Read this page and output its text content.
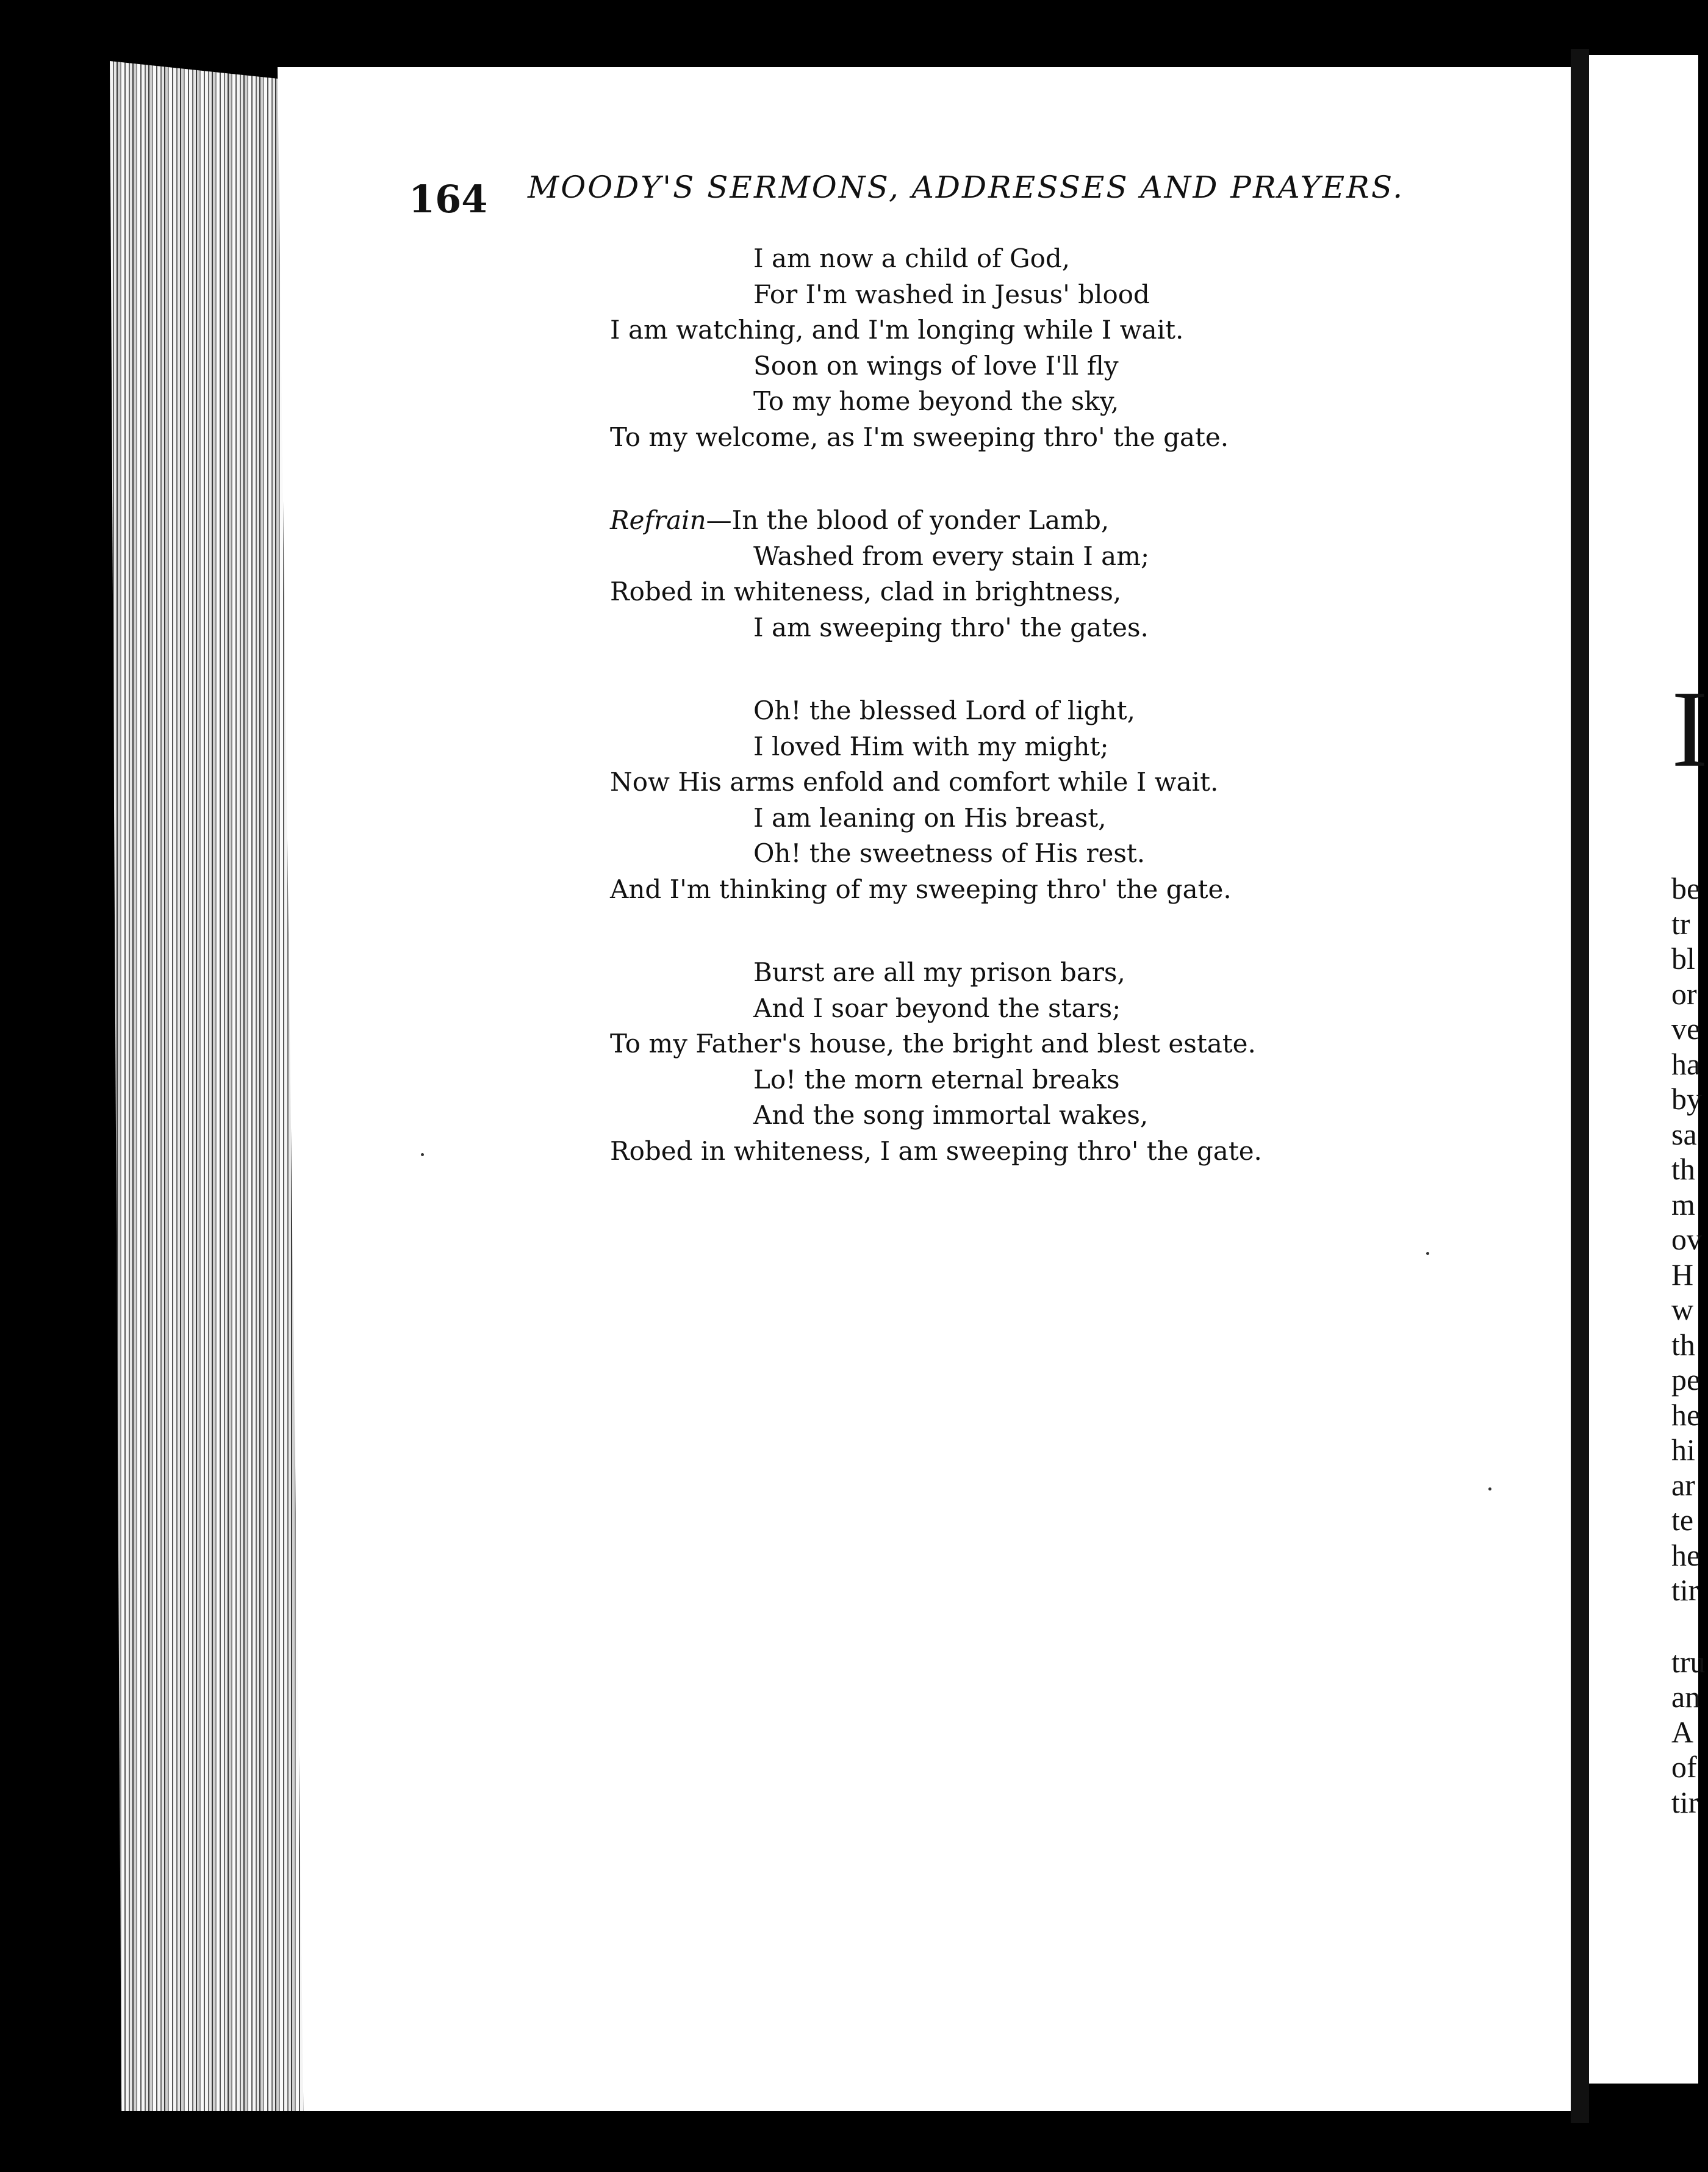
164 MOODY'S SERMONS, ADDRESSES AND PRAYERS.
I am now a child of God,
For I'm washed in Jesus' blood
I am watching, and I'm longing while I wait.
Soon on wings of love I'll fly
To my home beyond the sky,
To my welcome, as I'm sweeping thro' the gate.
Refrain—In the blood of yonder Lamb,
Washed from every stain I am;
Robed in whiteness, clad in brightness,
I am sweeping thro' the gates.
Oh! the blessed Lord of light,
I loved Him with my might;
Now His arms enfold and comfort while I wait.
I am leaning on His breast,
Oh! the sweetness of His rest.
And I'm thinking of my sweeping thro' the gate.
Burst are all my prison bars,
And I soar beyond the stars;
To my Father's house, the bright and blest estate.
Lo! the morn eternal breaks
And the song immortal wakes,
Robed in whiteness, I am sweeping thro' the gate.
I
be
tr
bl
or
ve
ha
by
sa
th
m
ov
H
w
th
pe
he
hi
ar
te
he
tir
tru
an
A
of
tir
